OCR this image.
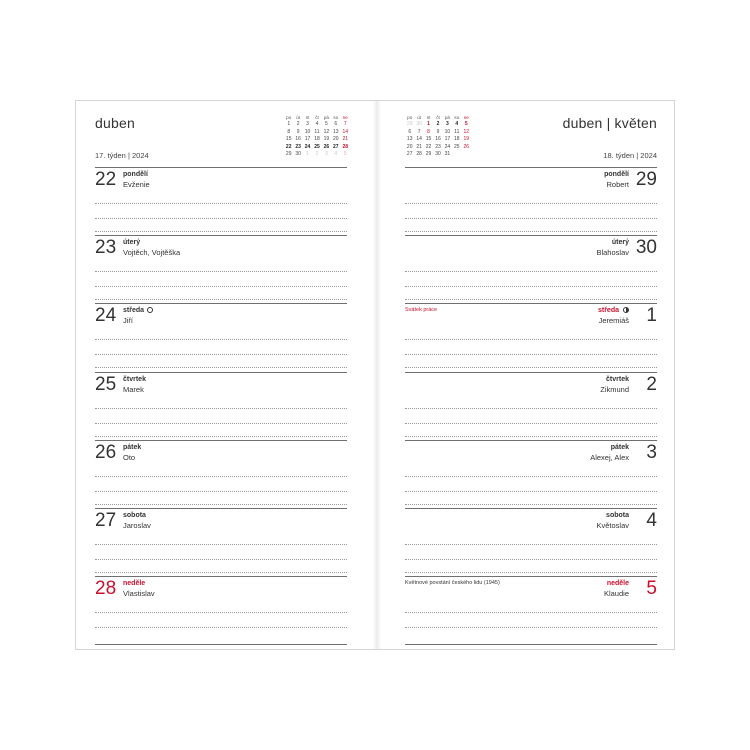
duben	po	út	st	čt	pá	so	ne
1	2	3	4	5	6	7
8	9	10	11	12	13	14
15	16	17	18	19	20	21
22	23	24	25	26	27	28
29	30	1	2	3	4	5
17. týden | 2024
22 pondělí
Evženie
23 úterý
Vojtěch, Vojtěška
24 středa
Jiří
25 čtvrtek
Marek
26 pátek
Oto
27 sobota
Jaroslav
28 neděle
Vlastislav
duben | květen
po	út	st	čt	pá	so	ne
29	30	1	2	3	4	5
6	7	8	9	10	11	12
13	14	15	16	17	18	19
20	21	22	23	24	25	26
27	28	29	30	31			18. týden | 2024
29
pondělí
Robert
30
úterý
Blahoslav
Svátek práce	1
středa
Jeremiáš
2
čtvrtek
Zikmund
3
pátek
Alexej, Alex
4
sobota
Květoslav
Květnové povstání českého lidu (1945)	5
neděle
Klaudie
